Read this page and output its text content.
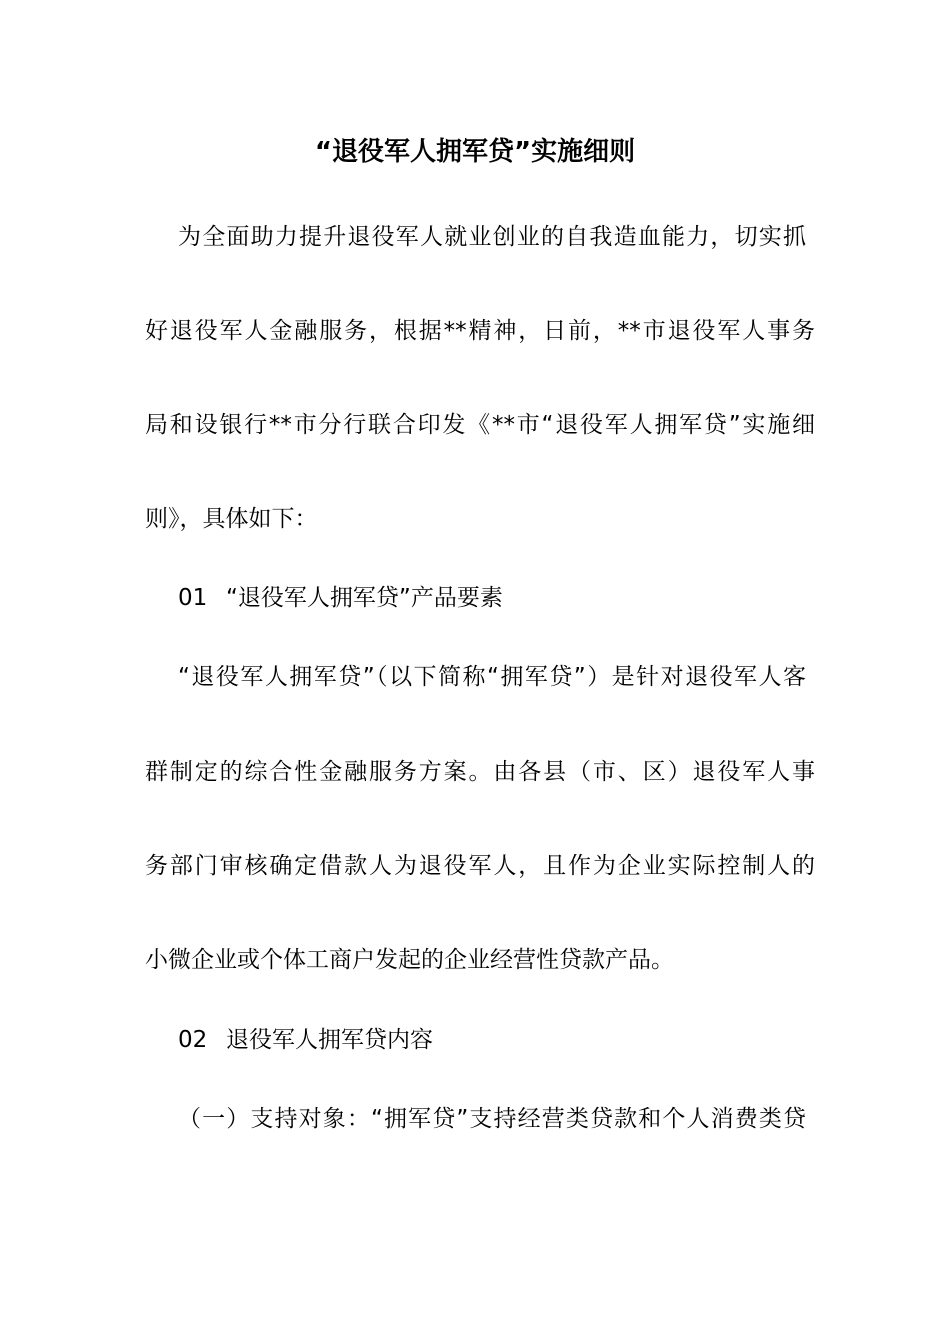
“退役军人拥军贷”实施细则
为全面助力提升退役军人就业创业的自我造血能力，切实抓
好退役军人金融服务，根据**精神，日前，**市退役军人事务
局和设银行**市分行联合印发《**市“退役军人拥军贷”实施细
则》，具体如下：
01 “退役军人拥军贷”产品要素
“退役军人拥军贷”（以下简称“拥军贷”）是针对退役军人客
群制定的综合性金融服务方案。由各县（市、区）退役军人事
务部门审核确定借款人为退役军人，且作为企业实际控制人的
小微企业或个体工商户发起的企业经营性贷款产品。
02 退役军人拥军贷内容
（一）支持对象：“拥军贷”支持经营类贷款和个人消费类贷
